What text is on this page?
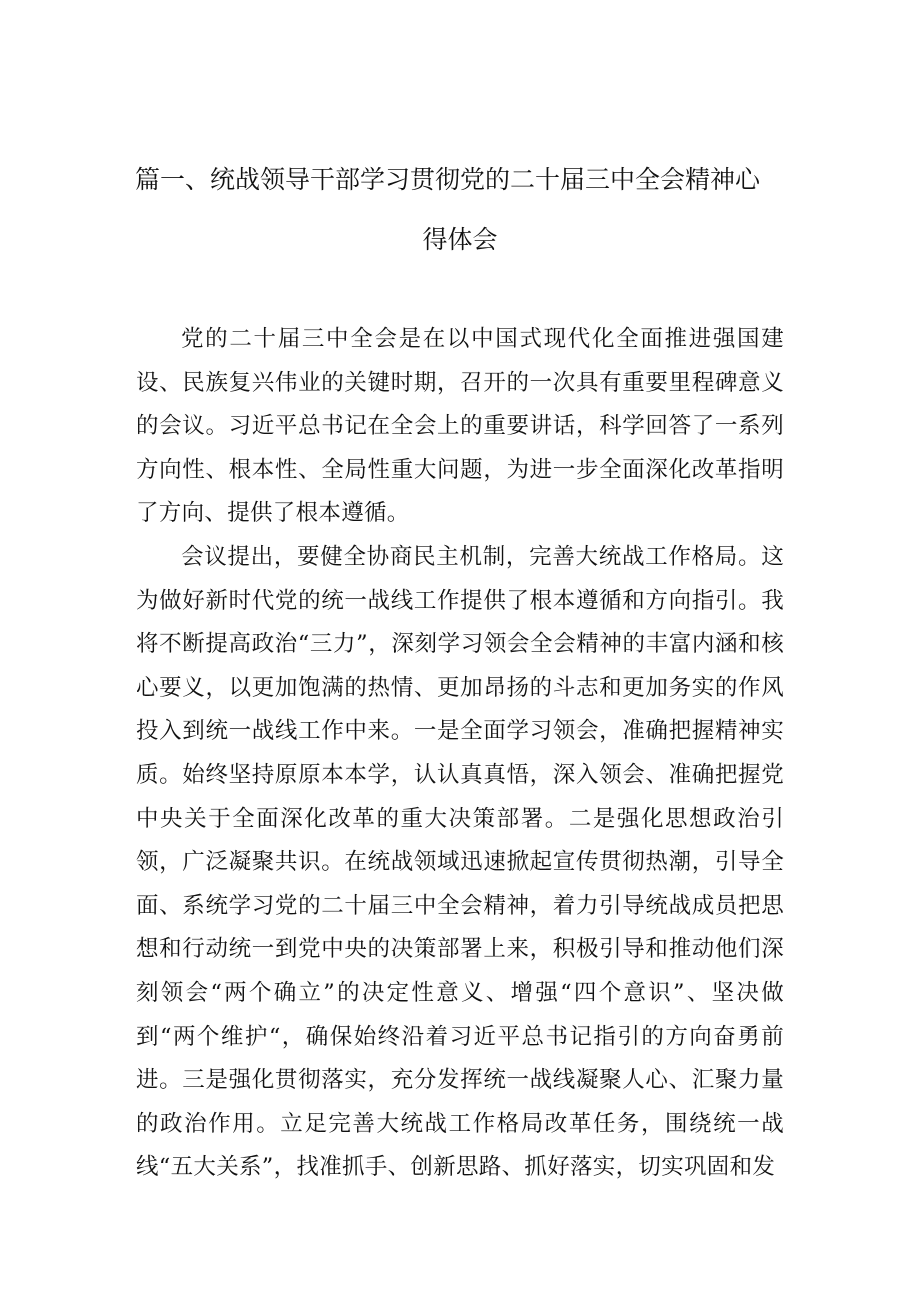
篇一、统战领导干部学习贯彻党的二十届三中全会精神心
得体会

党的二十届三中全会是在以中国式现代化全面推进强国建设、民族复兴伟业的关键时期，召开的一次具有重要里程碑意义的会议。习近平总书记在全会上的重要讲话，科学回答了一系列方向性、根本性、全局性重大问题，为进一步全面深化改革指明了方向、提供了根本遵循。

会议提出，要健全协商民主机制，完善大统战工作格局。这为做好新时代党的统一战线工作提供了根本遵循和方向指引。我将不断提高政治“三力”，深刻学习领会全会精神的丰富内涵和核心要义，以更加饱满的热情、更加昂扬的斗志和更加务实的作风投入到统一战线工作中来。一是全面学习领会，准确把握精神实质。始终坚持原原本本学，认认真真悟，深入领会、准确把握党中央关于全面深化改革的重大决策部署。二是强化思想政治引领，广泛凝聚共识。在统战领域迅速掀起宣传贯彻热潮，引导全面、系统学习党的二十届三中全会精神，着力引导统战成员把思想和行动统一到党中央的决策部署上来，积极引导和推动他们深刻领会“两个确立”的决定性意义、增强“四个意识”、坚决做到“两个维护“，确保始终沿着习近平总书记指引的方向奋勇前进。三是强化贯彻落实，充分发挥统一战线凝聚人心、汇聚力量的政治作用。立足完善大统战工作格局改革任务，围绕统一战线“五大关系”，找准抓手、创新思路、抓好落实，切实巩固和发
